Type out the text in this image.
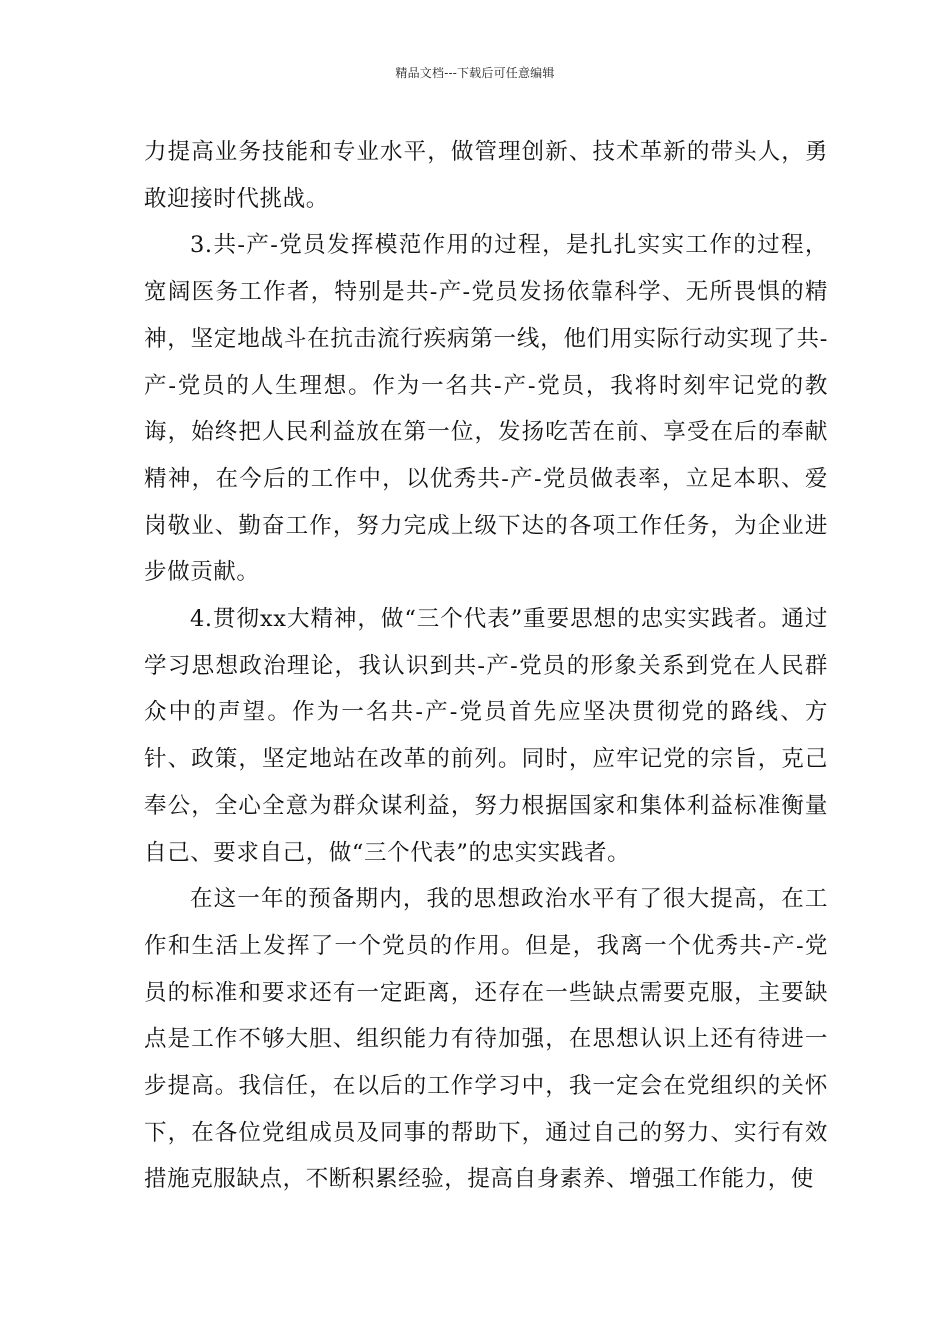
精品文档---下载后可任意编辑

力提高业务技能和专业水平，做管理创新、技术革新的带头人，勇敢迎接时代挑战。

3.共-产-党员发挥模范作用的过程，是扎扎实实工作的过程，宽阔医务工作者，特别是共-产-党员发扬依靠科学、无所畏惧的精神，坚定地战斗在抗击流行疾病第一线，他们用实际行动实现了共-产-党员的人生理想。作为一名共-产-党员，我将时刻牢记党的教诲，始终把人民利益放在第一位，发扬吃苦在前、享受在后的奉献精神，在今后的工作中，以优秀共-产-党员做表率，立足本职、爱岗敬业、勤奋工作，努力完成上级下达的各项工作任务，为企业进步做贡献。

4.贯彻xx大精神，做“三个代表”重要思想的忠实实践者。通过学习思想政治理论，我认识到共-产-党员的形象关系到党在人民群众中的声望。作为一名共-产-党员首先应坚决贯彻党的路线、方针、政策，坚定地站在改革的前列。同时，应牢记党的宗旨，克己奉公，全心全意为群众谋利益，努力根据国家和集体利益标准衡量自己、要求自己，做“三个代表”的忠实实践者。

在这一年的预备期内，我的思想政治水平有了很大提高，在工作和生活上发挥了一个党员的作用。但是，我离一个优秀共-产-党员的标准和要求还有一定距离，还存在一些缺点需要克服，主要缺点是工作不够大胆、组织能力有待加强，在思想认识上还有待进一步提高。我信任，在以后的工作学习中，我一定会在党组织的关怀下，在各位党组成员及同事的帮助下，通过自己的努力、实行有效措施克服缺点，不断积累经验，提高自身素养、增强工作能力，使
